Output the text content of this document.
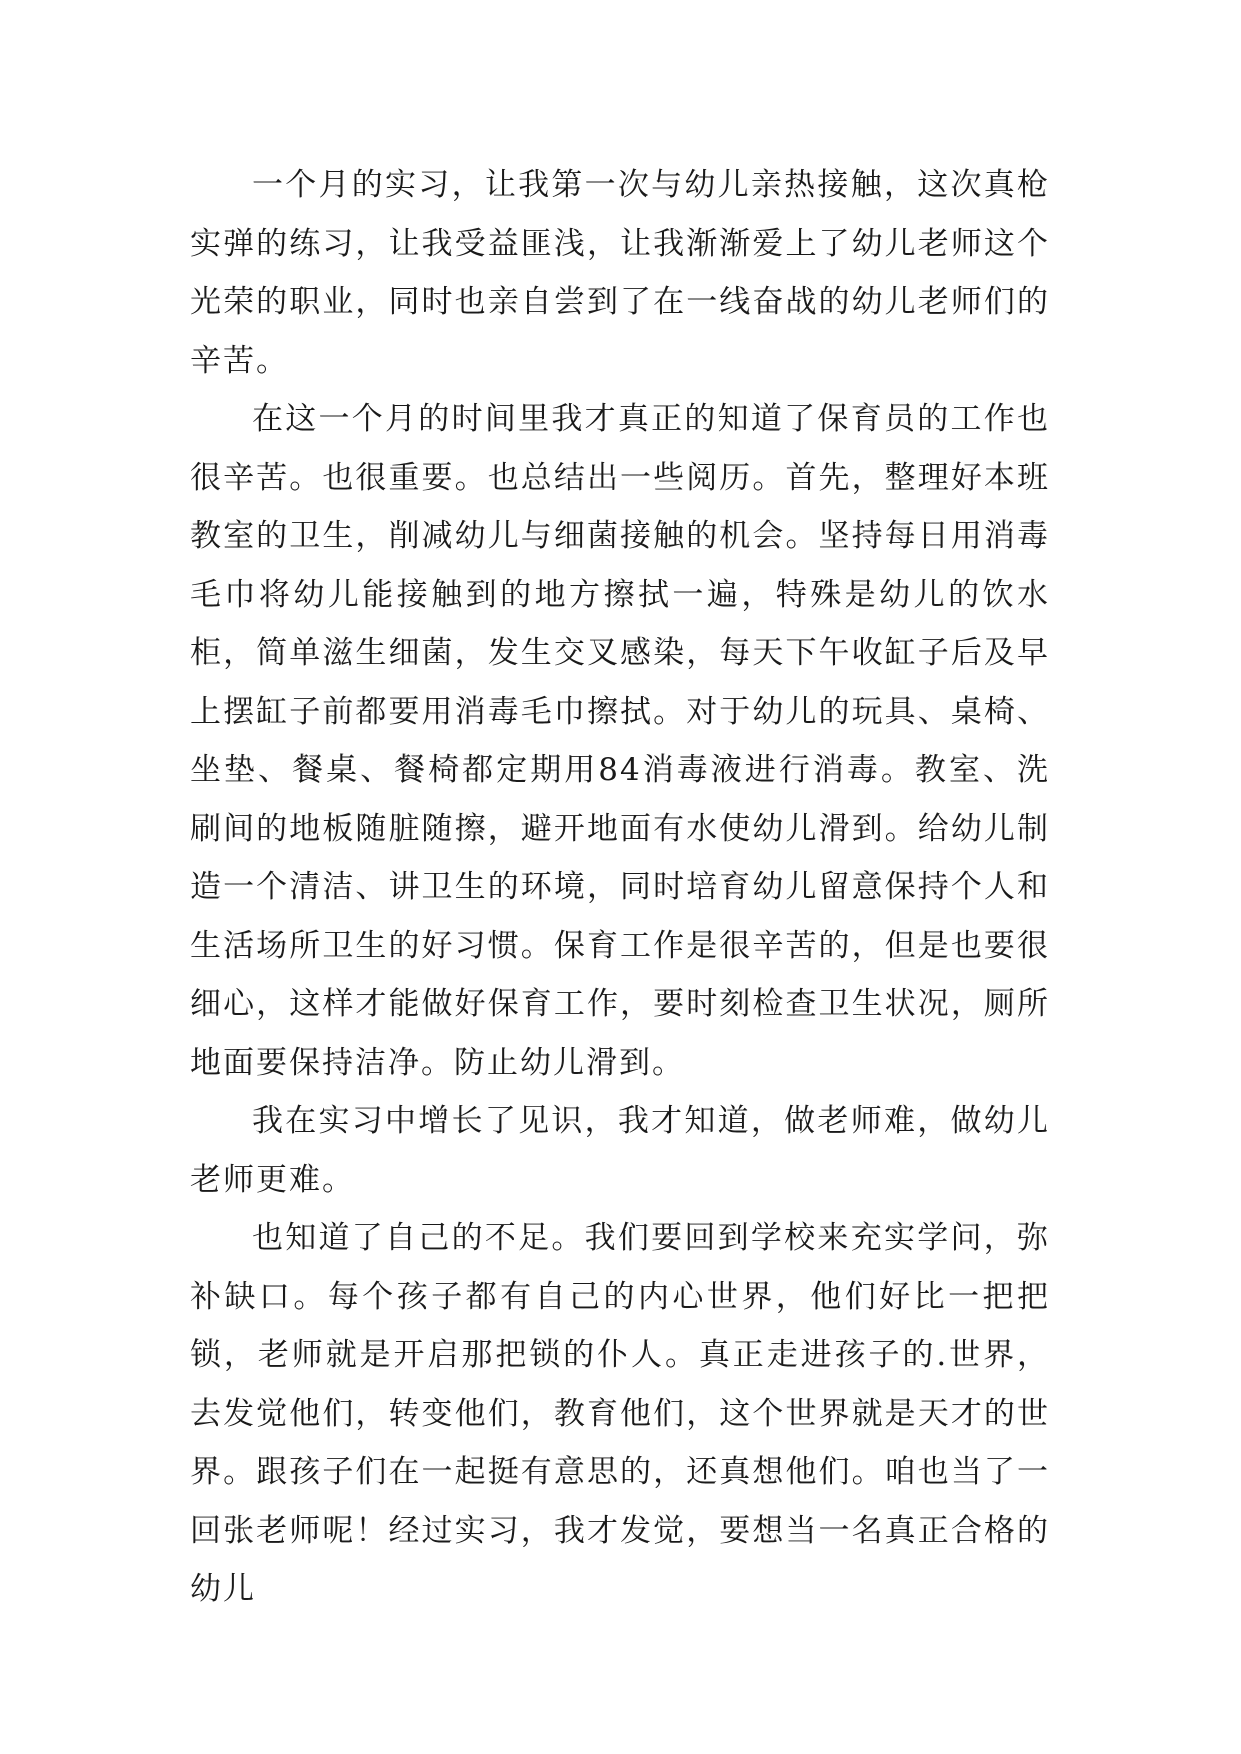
一个月的实习，让我第一次与幼儿亲热接触，这次真枪实弹的练习，让我受益匪浅，让我渐渐爱上了幼儿老师这个光荣的职业，同时也亲自尝到了在一线奋战的幼儿老师们的辛苦。

在这一个月的时间里我才真正的知道了保育员的工作也很辛苦。也很重要。也总结出一些阅历。首先，整理好本班教室的卫生，削减幼儿与细菌接触的机会。坚持每日用消毒毛巾将幼儿能接触到的地方擦拭一遍，特殊是幼儿的饮水柜，简单滋生细菌，发生交叉感染，每天下午收缸子后及早上摆缸子前都要用消毒毛巾擦拭。对于幼儿的玩具、桌椅、坐垫、餐桌、餐椅都定期用84消毒液进行消毒。教室、洗刷间的地板随脏随擦，避开地面有水使幼儿滑到。给幼儿制造一个清洁、讲卫生的环境，同时培育幼儿留意保持个人和生活场所卫生的好习惯。保育工作是很辛苦的，但是也要很细心，这样才能做好保育工作，要时刻检查卫生状况，厕所地面要保持洁净。防止幼儿滑到。

我在实习中增长了见识，我才知道，做老师难，做幼儿老师更难。

也知道了自己的不足。我们要回到学校来充实学问，弥补缺口。每个孩子都有自己的内心世界，他们好比一把把锁，老师就是开启那把锁的仆人。真正走进孩子的.世界，去发觉他们，转变他们，教育他们，这个世界就是天才的世界。跟孩子们在一起挺有意思的，还真想他们。咱也当了一回张老师呢！经过实习，我才发觉，要想当一名真正合格的幼儿
